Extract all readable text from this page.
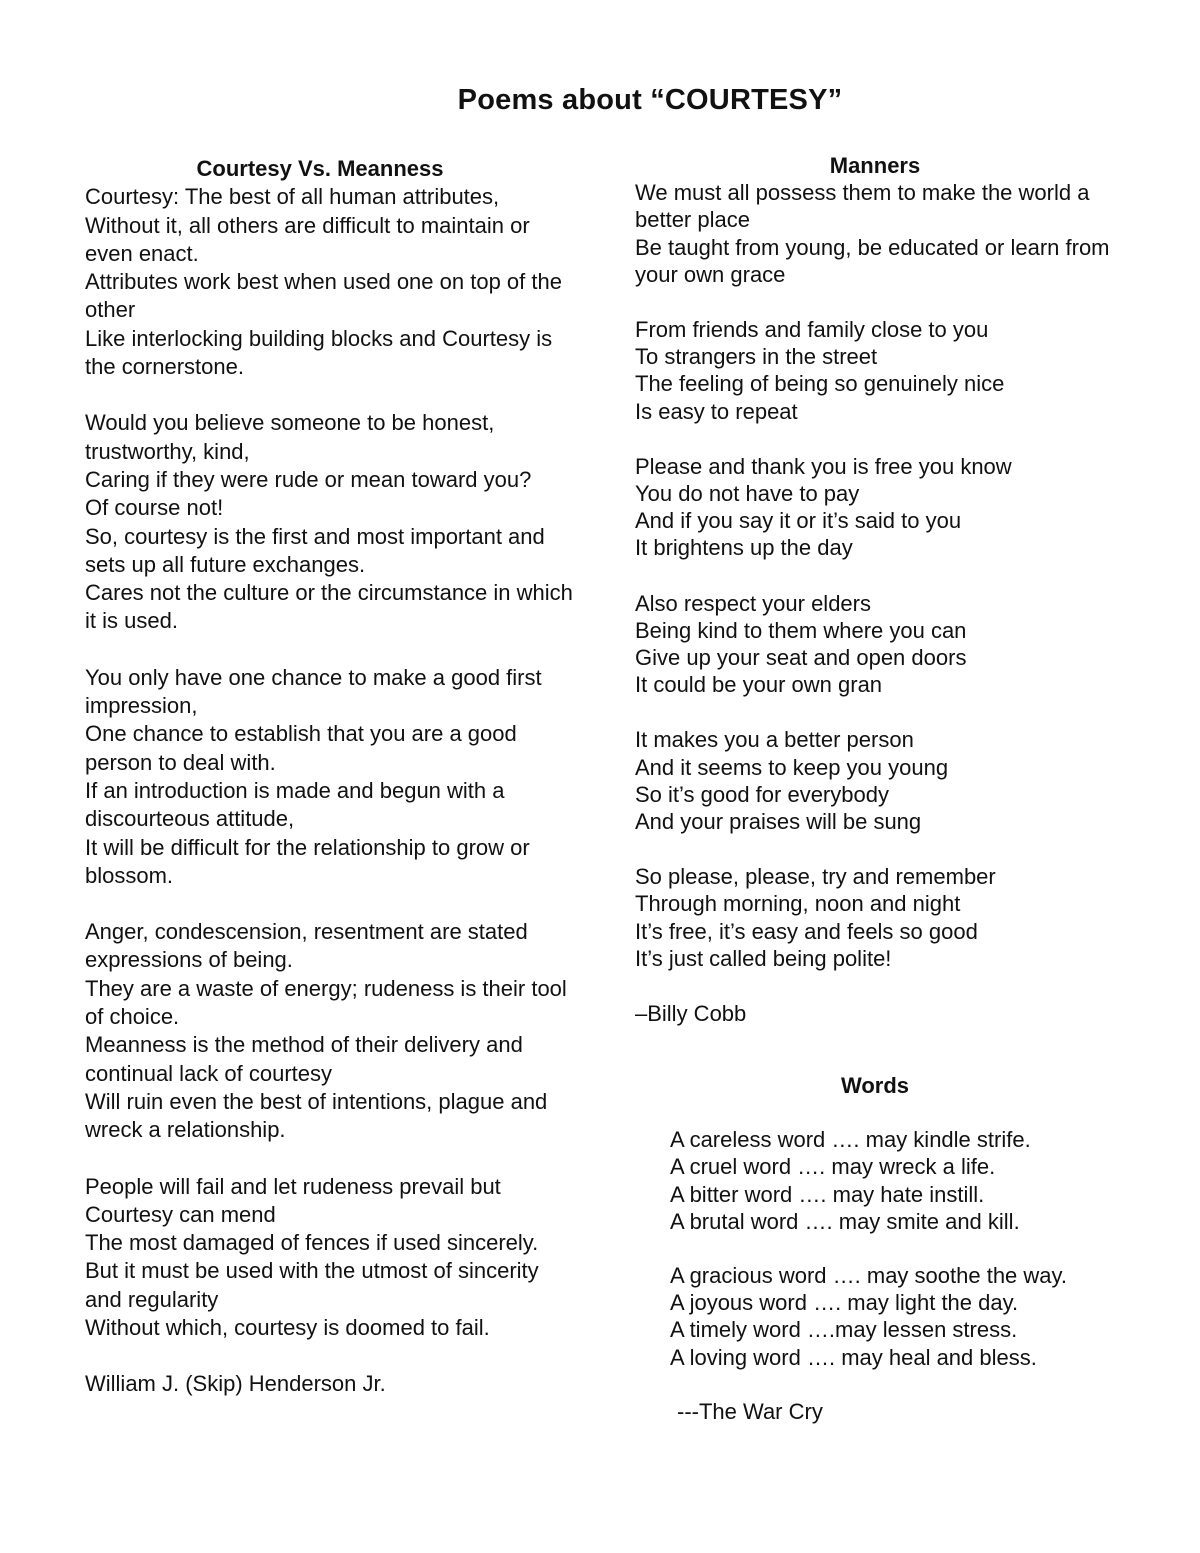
Poems about “COURTESY”
Courtesy Vs. Meanness
Courtesy: The best of all human attributes,
Without it, all others are difficult to maintain or even enact.
Attributes work best when used one on top of the other
Like interlocking building blocks and Courtesy is the cornerstone.
Would you believe someone to be honest, trustworthy, kind,
Caring if they were rude or mean toward you?
Of course not!
So, courtesy is the first and most important and sets up all future exchanges.
Cares not the culture or the circumstance in which it is used.
You only have one chance to make a good first impression,
One chance to establish that you are a good person to deal with.
If an introduction is made and begun with a discourteous attitude,
It will be difficult for the relationship to grow or blossom.
Anger, condescension, resentment are stated expressions of being.
They are a waste of energy; rudeness is their tool of choice.
Meanness is the method of their delivery and continual lack of courtesy
Will ruin even the best of intentions, plague and wreck a relationship.
People will fail and let rudeness prevail but Courtesy can mend
The most damaged of fences if used sincerely.
But it must be used with the utmost of sincerity and regularity
Without which, courtesy is doomed to fail.
William J. (Skip) Henderson Jr.
Manners
We must all possess them to make the world a better place
Be taught from young, be educated or learn from your own grace
From friends and family close to you
To strangers in the street
The feeling of being so genuinely nice
Is easy to repeat
Please and thank you is free you know
You do not have to pay
And if you say it or it’s said to you
It brightens up the day
Also respect your elders
Being kind to them where you can
Give up your seat and open doors
It could be your own gran
It makes you a better person
And it seems to keep you young
So it’s good for everybody
And your praises will be sung
So please, please, try and remember
Through morning, noon and night
It’s free, it’s easy and feels so good
It’s just called being polite!
–Billy Cobb
Words
A careless word …. may kindle strife.
A cruel word …. may wreck a life.
A bitter word …. may hate instill.
A brutal word …. may smite and kill.
A gracious word …. may soothe the way.
A joyous word …. may light the day.
A timely word ….may lessen stress.
A loving word …. may heal and bless.
---The War Cry
